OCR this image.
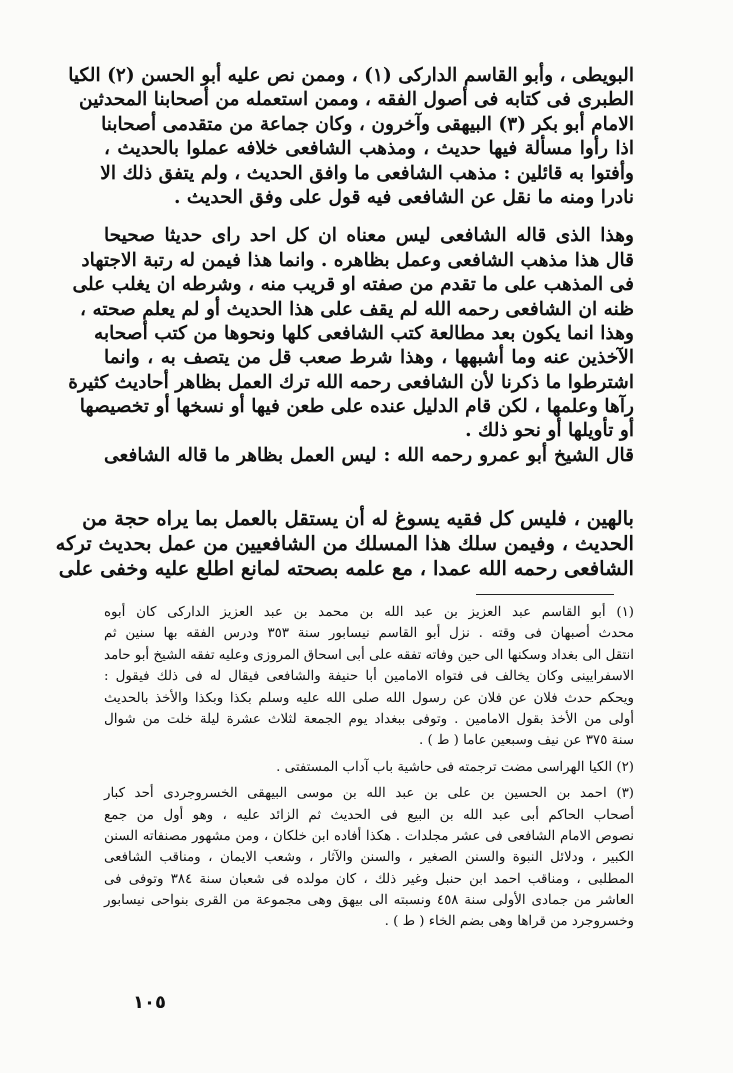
البويطى ، وأبو القاسم الداركى (١) ، وممن نص عليه أبو الحسن (٢) الكيا
الطبرى فى كتابه فى أصول الفقه ، وممن استعمله من أصحابنا المحدثين
الامام أبو بكر (٣) البيهقى وآخرون ، وكان جماعة من متقدمى أصحابنا
اذا رأوا مسألة فيها حديث ، ومذهب الشافعى خلافه عملوا بالحديث ،
وأفتوا به قائلين : مذهب الشافعى ما وافق الحديث ، ولم يتفق ذلك الا
نادرا ومنه ما نقل عن الشافعى فيه قول على وفق الحديث .
وهذا الذى قاله الشافعى ليس معناه ان كل احد راى حديثا صحيحا
قال هذا مذهب الشافعى وعمل بظاهره . وانما هذا فيمن له رتبة الاجتهاد
فى المذهب على ما تقدم من صفته او قريب منه ، وشرطه ان يغلب على
ظنه ان الشافعى رحمه الله لم يقف على هذا الحديث أو لم يعلم صحته ،
وهذا انما يكون بعد مطالعة كتب الشافعى كلها ونحوها من كتب أصحابه
الآخذين عنه وما أشبهها ، وهذا شرط صعب قل من يتصف به ، وانما
اشترطوا ما ذكرنا لأن الشافعى رحمه الله ترك العمل بظاهر أحاديث كثيرة
رآها وعلمها ، لكن قام الدليل عنده على طعن فيها أو نسخها أو تخصيصها
أو تأويلها أو نحو ذلك .
قال الشيخ أبو عمرو رحمه الله : ليس العمل بظاهر ما قاله الشافعى
بالهين ، فليس كل فقيه يسوغ له أن يستقل بالعمل بما يراه حجة من
الحديث ، وفيمن سلك هذا المسلك من الشافعيين من عمل بحديث تركه
الشافعى رحمه الله عمدا ، مع علمه بصحته لمانع اطلع عليه وخفى على
(١) أبو القاسم عبد العزيز بن عبد الله بن محمد بن عبد العزيز الداركى كان أبوه
محدث أصبهان فى وقته . نزل أبو القاسم نيسابور سنة ٣٥٣ ودرس الفقه بها سنين ثم
انتقل الى بغداد وسكنها الى حين وفاته تفقه على أبى اسحاق المروزى وعليه تفقه الشيخ أبو حامد
الاسفرايينى وكان يخالف فى فتواه الامامين أبا حنيفة والشافعى فيقال له فى ذلك فيقول :
ويحكم حدث فلان عن فلان عن رسول الله صلى الله عليه وسلم بكذا وبكذا والأخذ بالحديث
أولى من الأخذ بقول الامامين . وتوفى ببغداد يوم الجمعة لثلاث عشرة ليلة خلت من شوال
سنة ٣٧٥ عن نيف وسبعين عاما ( ط ) .
(٢) الكيا الهراسى مضت ترجمته فى حاشية باب آداب المستفتى .
(٣) احمد بن الحسين بن على بن عبد الله بن موسى البيهقى الخسروجردى أحد كبار
أصحاب الحاكم أبى عبد الله بن البيع فى الحديث ثم الزائد عليه ، وهو أول من جمع
نصوص الامام الشافعى فى عشر مجلدات . هكذا أفاده ابن خلكان ، ومن مشهور مصنفاته السنن
الكبير ، ودلائل النبوة والسنن الصغير ، والسنن والآثار ، وشعب الايمان ، ومناقب الشافعى
المطلبى ، ومناقب احمد ابن حنبل وغير ذلك ، كان مولده فى شعبان سنة ٣٨٤ وتوفى فى
العاشر من جمادى الأولى سنة ٤٥٨ ونسبته الى بيهق وهى مجموعة من القرى بنواحى نيسابور
وخسروجرد من قراها وهى بضم الخاء ( ط ) .
١٠٥
